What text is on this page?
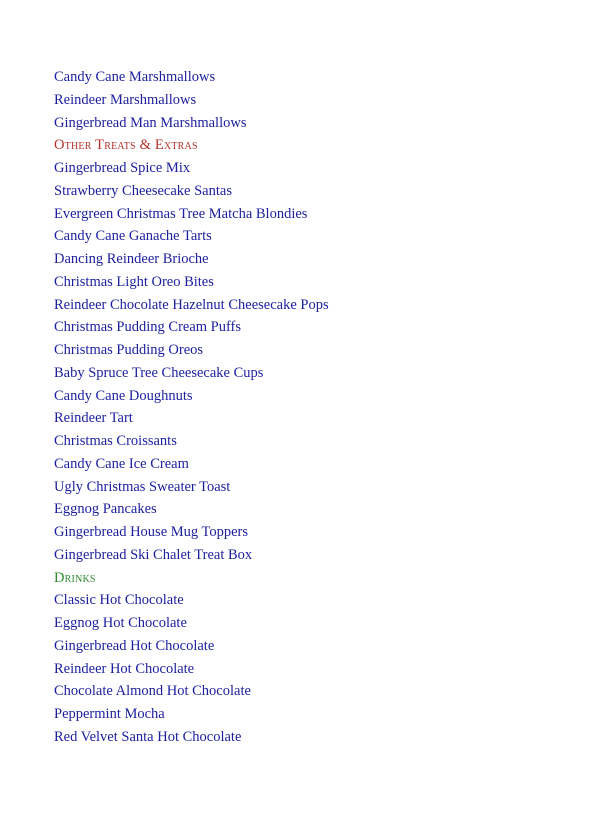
Candy Cane Marshmallows
Reindeer Marshmallows
Gingerbread Man Marshmallows
Other Treats & Extras
Gingerbread Spice Mix
Strawberry Cheesecake Santas
Evergreen Christmas Tree Matcha Blondies
Candy Cane Ganache Tarts
Dancing Reindeer Brioche
Christmas Light Oreo Bites
Reindeer Chocolate Hazelnut Cheesecake Pops
Christmas Pudding Cream Puffs
Christmas Pudding Oreos
Baby Spruce Tree Cheesecake Cups
Candy Cane Doughnuts
Reindeer Tart
Christmas Croissants
Candy Cane Ice Cream
Ugly Christmas Sweater Toast
Eggnog Pancakes
Gingerbread House Mug Toppers
Gingerbread Ski Chalet Treat Box
Drinks
Classic Hot Chocolate
Eggnog Hot Chocolate
Gingerbread Hot Chocolate
Reindeer Hot Chocolate
Chocolate Almond Hot Chocolate
Peppermint Mocha
Red Velvet Santa Hot Chocolate
